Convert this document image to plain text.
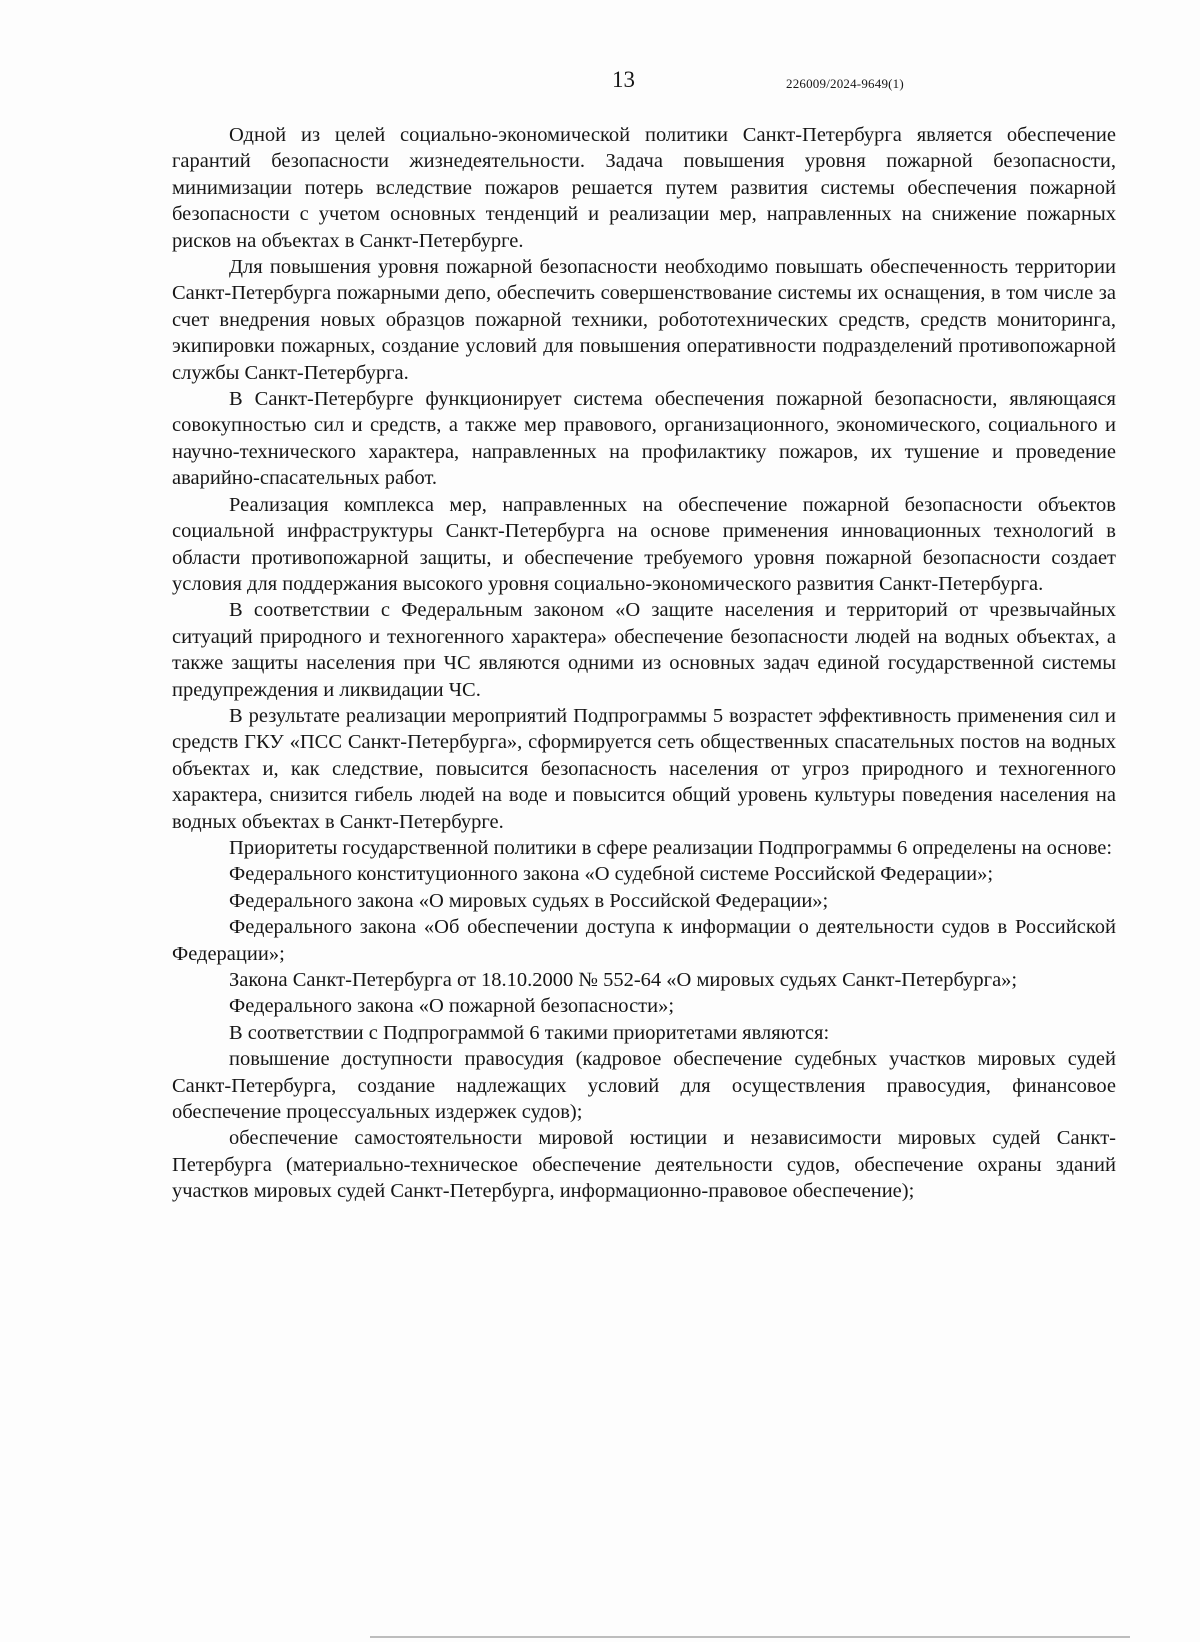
13	226009/2024-9649(1)

Одной из целей социально-экономической политики Санкт-Петербурга является обеспечение гарантий безопасности жизнедеятельности. Задача повышения уровня пожарной безопасности, минимизации потерь вследствие пожаров решается путем развития системы обеспечения пожарной безопасности с учетом основных тенденций и реализации мер, направленных на снижение пожарных рисков на объектах в Санкт-Петербурге.

Для повышения уровня пожарной безопасности необходимо повышать обеспеченность территории Санкт-Петербурга пожарными депо, обеспечить совершенствование системы их оснащения, в том числе за счет внедрения новых образцов пожарной техники, робототехнических средств, средств мониторинга, экипировки пожарных, создание условий для повышения оперативности подразделений противопожарной службы Санкт-Петербурга.

В Санкт-Петербурге функционирует система обеспечения пожарной безопасности, являющаяся совокупностью сил и средств, а также мер правового, организационного, экономического, социального и научно-технического характера, направленных на профилактику пожаров, их тушение и проведение аварийно-спасательных работ.

Реализация комплекса мер, направленных на обеспечение пожарной безопасности объектов социальной инфраструктуры Санкт-Петербурга на основе применения инновационных технологий в области противопожарной защиты, и обеспечение требуемого уровня пожарной безопасности создает условия для поддержания высокого уровня социально-экономического развития Санкт-Петербурга.

В соответствии с Федеральным законом «О защите населения и территорий от чрезвычайных ситуаций природного и техногенного характера» обеспечение безопасности людей на водных объектах, а также защиты населения при ЧС являются одними из основных задач единой государственной системы предупреждения и ликвидации ЧС.

В результате реализации мероприятий Подпрограммы 5 возрастет эффективность применения сил и средств ГКУ «ПСС Санкт-Петербурга», сформируется сеть общественных спасательных постов на водных объектах и, как следствие, повысится безопасность населения от угроз природного и техногенного характера, снизится гибель людей на воде и повысится общий уровень культуры поведения населения на водных объектах в Санкт-Петербурге.

Приоритеты государственной политики в сфере реализации Подпрограммы 6 определены на основе:

Федерального конституционного закона «О судебной системе Российской Федерации»;

Федерального закона «О мировых судьях в Российской Федерации»;

Федерального закона «Об обеспечении доступа к информации о деятельности судов в Российской Федерации»;

Закона Санкт-Петербурга от 18.10.2000 № 552-64 «О мировых судьях Санкт-Петербурга»;

Федерального закона «О пожарной безопасности»;

В соответствии с Подпрограммой 6 такими приоритетами являются:

повышение доступности правосудия (кадровое обеспечение судебных участков мировых судей Санкт-Петербурга, создание надлежащих условий для осуществления правосудия, финансовое обеспечение процессуальных издержек судов);

обеспечение самостоятельности мировой юстиции и независимости мировых судей Санкт-Петербурга (материально-техническое обеспечение деятельности судов, обеспечение охраны зданий участков мировых судей Санкт-Петербурга, информационно-правовое обеспечение);
